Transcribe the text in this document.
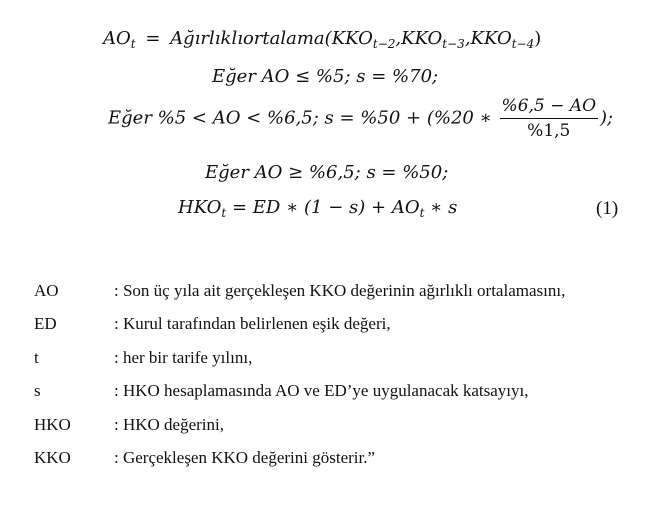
$AO_t$ = $Ağırlıklıortalama(KKO_{t-2},KKO_{t-3},KKO_{t-4})$
Eğer AO ≤ %5; s = %70;
Eğer %5 < AO < %6,5; s = %50 + (%20 ∗ $\frac{\%6,5 - AO}{\%1,5}$ );
Eğer AO ≥ %6,5; s = %50;
$HKO_t$ = ED ∗ $(1 - s) + AO_t$ ∗ s	(1)
AO	: Son üç yıla ait gerçekleşen KKO değerinin ağırlıklı ortalamasını,
ED	: Kurul tarafından belirlenen eşik değeri,
t	: her bir tarife yılını,
s	: HKO hesaplamasında AO ve ED’ye uygulanacak katsayıyı,
HKO	: HKO değerini,
KKO	: Gerçekleşen KKO değerini gösterir.”
